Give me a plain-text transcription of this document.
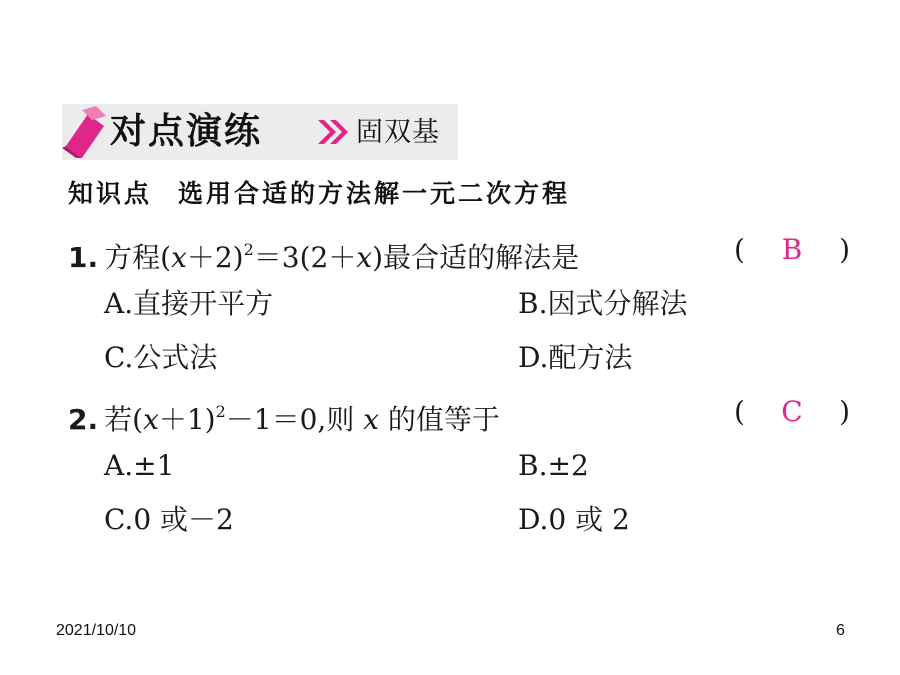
对点演练	固双基
知识点 选用合适的方法解一元二次方程
1. 方程$(x+2)^2=3(2+x)$最合适的解法是	( B )
A.直接开平方	B.因式分解法
C.公式法	D.配方法
2. 若$(x+1)^2-1=0$,则 x 的值等于	( C )
A.±1	B.±2
C.0 或－2	D.0 或 2
2021/10/10	6
